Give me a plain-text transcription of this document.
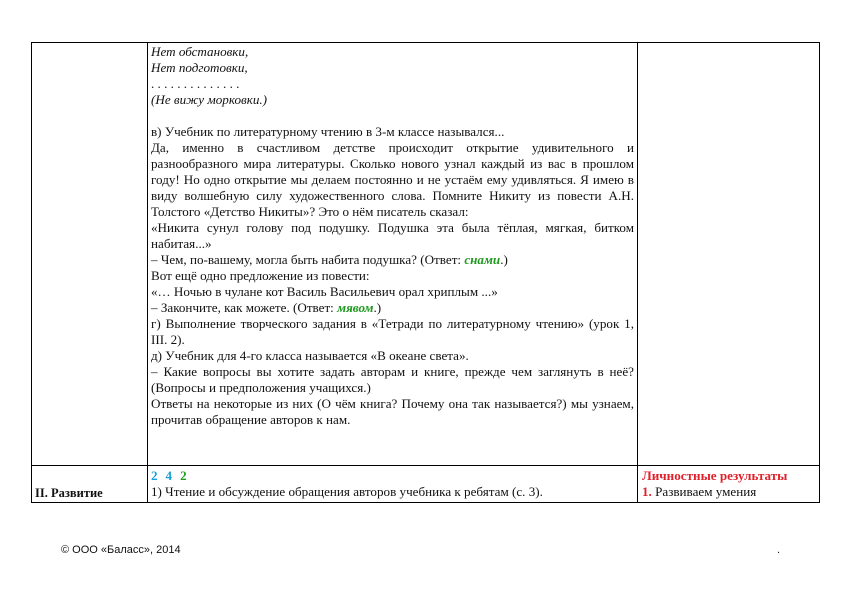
Нет обстановки,

Нет подготовки,

. . . . . . . . . . . . . .

(Не вижу морковки.)

в) Учебник по литературному чтению в 3-м классе назывался...

Да, именно в счастливом детстве происходит открытие удивительного и разнообразного мира литературы. Сколько нового узнал каждый из вас в прошлом году! Но одно открытие мы делаем постоянно и не устаём ему удивляться. Я имею в виду волшебную силу художественного слова. Помните Никиту из повести А.Н. Толстого «Детство Никиты»? Это о нём писатель сказал:

«Никита сунул голову под подушку. Подушка эта была тёплая, мягкая, битком набитая...»

– Чем, по-вашему, могла быть набита подушка? (Ответ: снами.)

Вот ещё одно предложение из повести:

«… Ночью в чулане кот Василь Васильевич орал хриплым ...»

– Закончите, как можете. (Ответ: мявом.)

г) Выполнение творческого задания в «Тетради по литературному чтению» (урок 1, III. 2).

д) Учебник для 4-го класса называется «В океане света».

– Какие вопросы вы хотите задать авторам и книге, прежде чем заглянуть в неё? (Вопросы и предположения учащихся.)

Ответы на некоторые из них (О чём книга? Почему она так называется?) мы узнаем, прочитав обращение авторов к нам.

II. Развитие
2 4 2
1) Чтение и обсуждение обращения авторов учебника к ребятам (с. 3).
Личностные результаты
1. Развиваем умения
© ООО «Баласс», 2014	.
